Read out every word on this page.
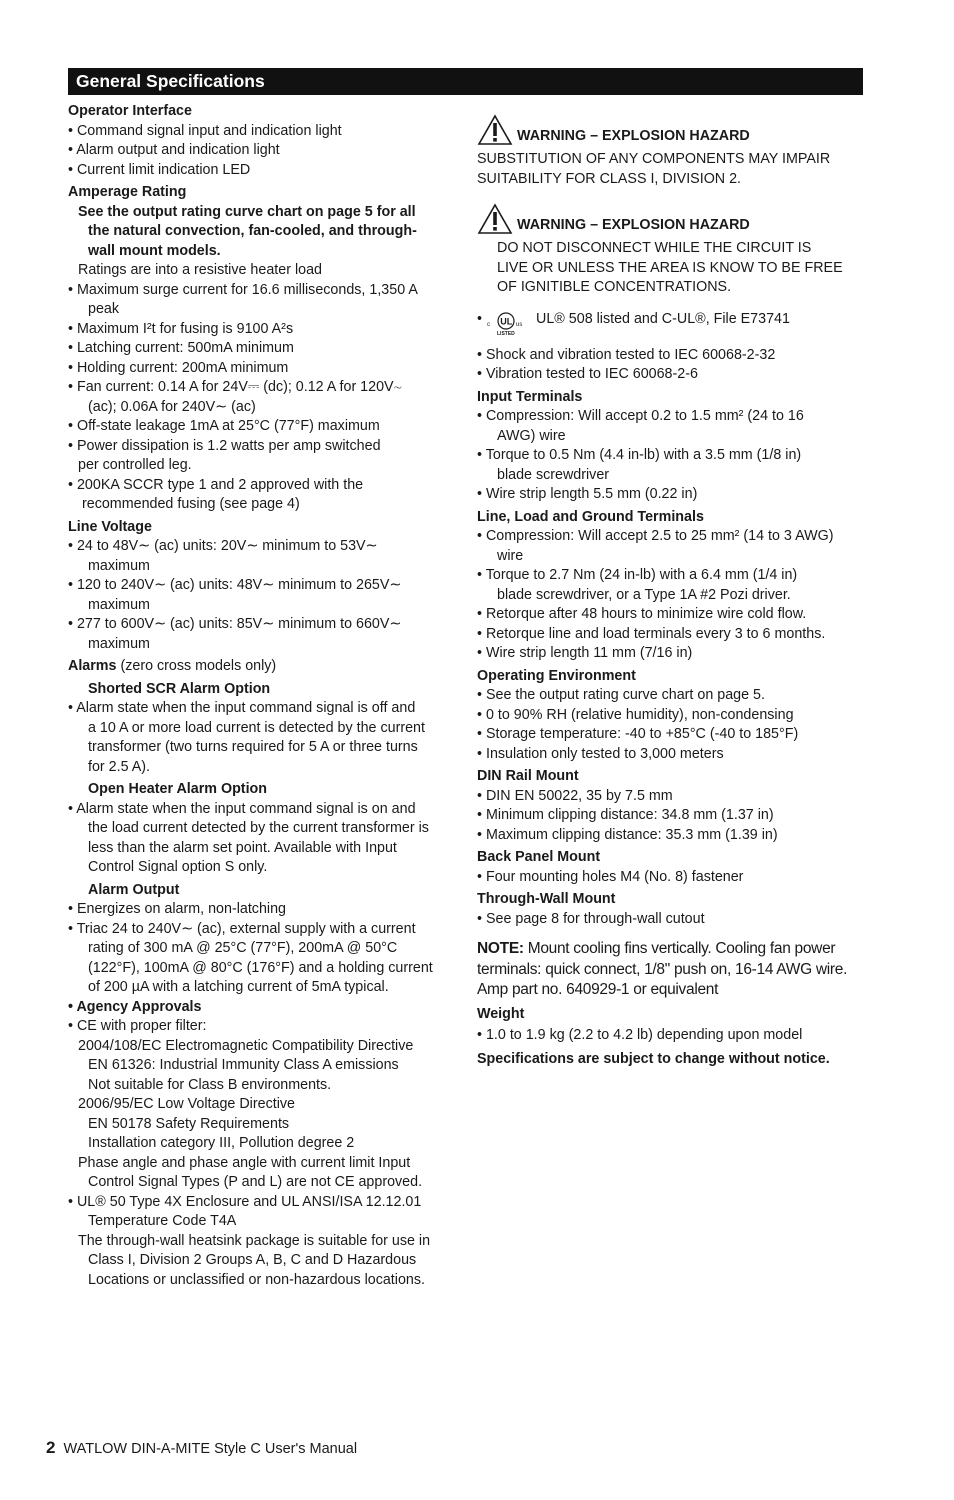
General Specifications
Operator Interface
• Command signal input and indication light
• Alarm output and indication light
• Current limit indication LED
Amperage Rating
See the output rating curve chart on page 5 for all
the natural convection, fan-cooled, and through-
wall mount models.
Ratings are into a resistive heater load
• Maximum surge current for 16.6 milliseconds, 1,350 A
peak
• Maximum I²t for fusing is 9100 A²s
• Latching current: 500mA minimum
• Holding current: 200mA minimum
• Fan current: 0.14 A for 24V⎓ (dc); 0.12 A for 120V∼
(ac); 0.06A for 240V∼ (ac)
• Off-state leakage 1mA at 25°C (77°F) maximum
• Power dissipation is 1.2 watts per amp switched
per controlled leg.
• 200KA SCCR type 1 and 2 approved with the
recommended fusing (see page 4)
Line Voltage
• 24 to 48V∼ (ac) units: 20V∼ minimum to 53V∼
maximum
• 120 to 240V∼ (ac) units: 48V∼ minimum to 265V∼
maximum
• 277 to 600V∼ (ac) units: 85V∼ minimum to 660V∼
maximum
Alarms (zero cross models only)
Shorted SCR Alarm Option
• Alarm state when the input command signal is off and
a 10 A or more load current is detected by the current
transformer (two turns required for 5 A or three turns
for 2.5 A).
Open Heater Alarm Option
• Alarm state when the input command signal is on and
the load current detected by the current transformer is
less than the alarm set point. Available with Input
Control Signal option S only.
Alarm Output
• Energizes on alarm, non-latching
• Triac 24 to 240V∼ (ac), external supply with a current
rating of 300 mA @ 25°C (77°F), 200mA @ 50°C
(122°F), 100mA @ 80°C (176°F) and a holding current
of 200 µA with a latching current of 5mA typical.
• Agency Approvals
• CE with proper filter:
2004/108/EC Electromagnetic Compatibility Directive
EN 61326: Industrial Immunity Class A emissions
Not suitable for Class B environments.
2006/95/EC Low Voltage Directive
EN 50178 Safety Requirements
Installation category III, Pollution degree 2
Phase angle and phase angle with current limit Input
Control Signal Types (P and L) are not CE approved.
• UL® 50 Type 4X Enclosure and UL ANSI/ISA 12.12.01
Temperature Code T4A
The through-wall heatsink package is suitable for use in
Class I, Division 2 Groups A, B, C and D Hazardous
Locations or unclassified or non-hazardous locations.
WARNING – EXPLOSION HAZARD
SUBSTITUTION OF ANY COMPONENTS MAY IMPAIR
SUITABILITY FOR CLASS I, DIVISION 2.
WARNING – EXPLOSION HAZARD
DO NOT DISCONNECT WHILE THE CIRCUIT IS
LIVE OR UNLESS THE AREA IS KNOW TO BE FREE
OF IGNITIBLE CONCENTRATIONS.
• c UL us
LISTED
UL® 508 listed and C-UL®, File E73741
• Shock and vibration tested to IEC 60068-2-32
• Vibration tested to IEC 60068-2-6
Input Terminals
• Compression: Will accept 0.2 to 1.5 mm² (24 to 16
AWG) wire
• Torque to 0.5 Nm (4.4 in-lb) with a 3.5 mm (1/8 in)
blade screwdriver
• Wire strip length 5.5 mm (0.22 in)
Line, Load and Ground Terminals
• Compression: Will accept 2.5 to 25 mm² (14 to 3 AWG)
wire
• Torque to 2.7 Nm (24 in-lb) with a 6.4 mm (1/4 in)
blade screwdriver, or a Type 1A #2 Pozi driver.
• Retorque after 48 hours to minimize wire cold flow.
• Retorque line and load terminals every 3 to 6 months.
• Wire strip length 11 mm (7/16 in)
Operating Environment
• See the output rating curve chart on page 5.
• 0 to 90% RH (relative humidity), non-condensing
• Storage temperature: -40 to +85°C (-40 to 185°F)
• Insulation only tested to 3,000 meters
DIN Rail Mount
• DIN EN 50022, 35 by 7.5 mm
• Minimum clipping distance: 34.8 mm (1.37 in)
• Maximum clipping distance: 35.3 mm (1.39 in)
Back Panel Mount
• Four mounting holes M4 (No. 8) fastener
Through-Wall Mount
• See page 8 for through-wall cutout
NOTE: Mount cooling fins vertically. Cooling fan power
terminals: quick connect, 1/8" push on, 16-14 AWG wire.
Amp part no. 640929-1 or equivalent
Weight
• 1.0 to 1.9 kg (2.2 to 4.2 lb) depending upon model
Specifications are subject to change without notice.
2 WATLOW DIN-A-MITE Style C User's Manual
